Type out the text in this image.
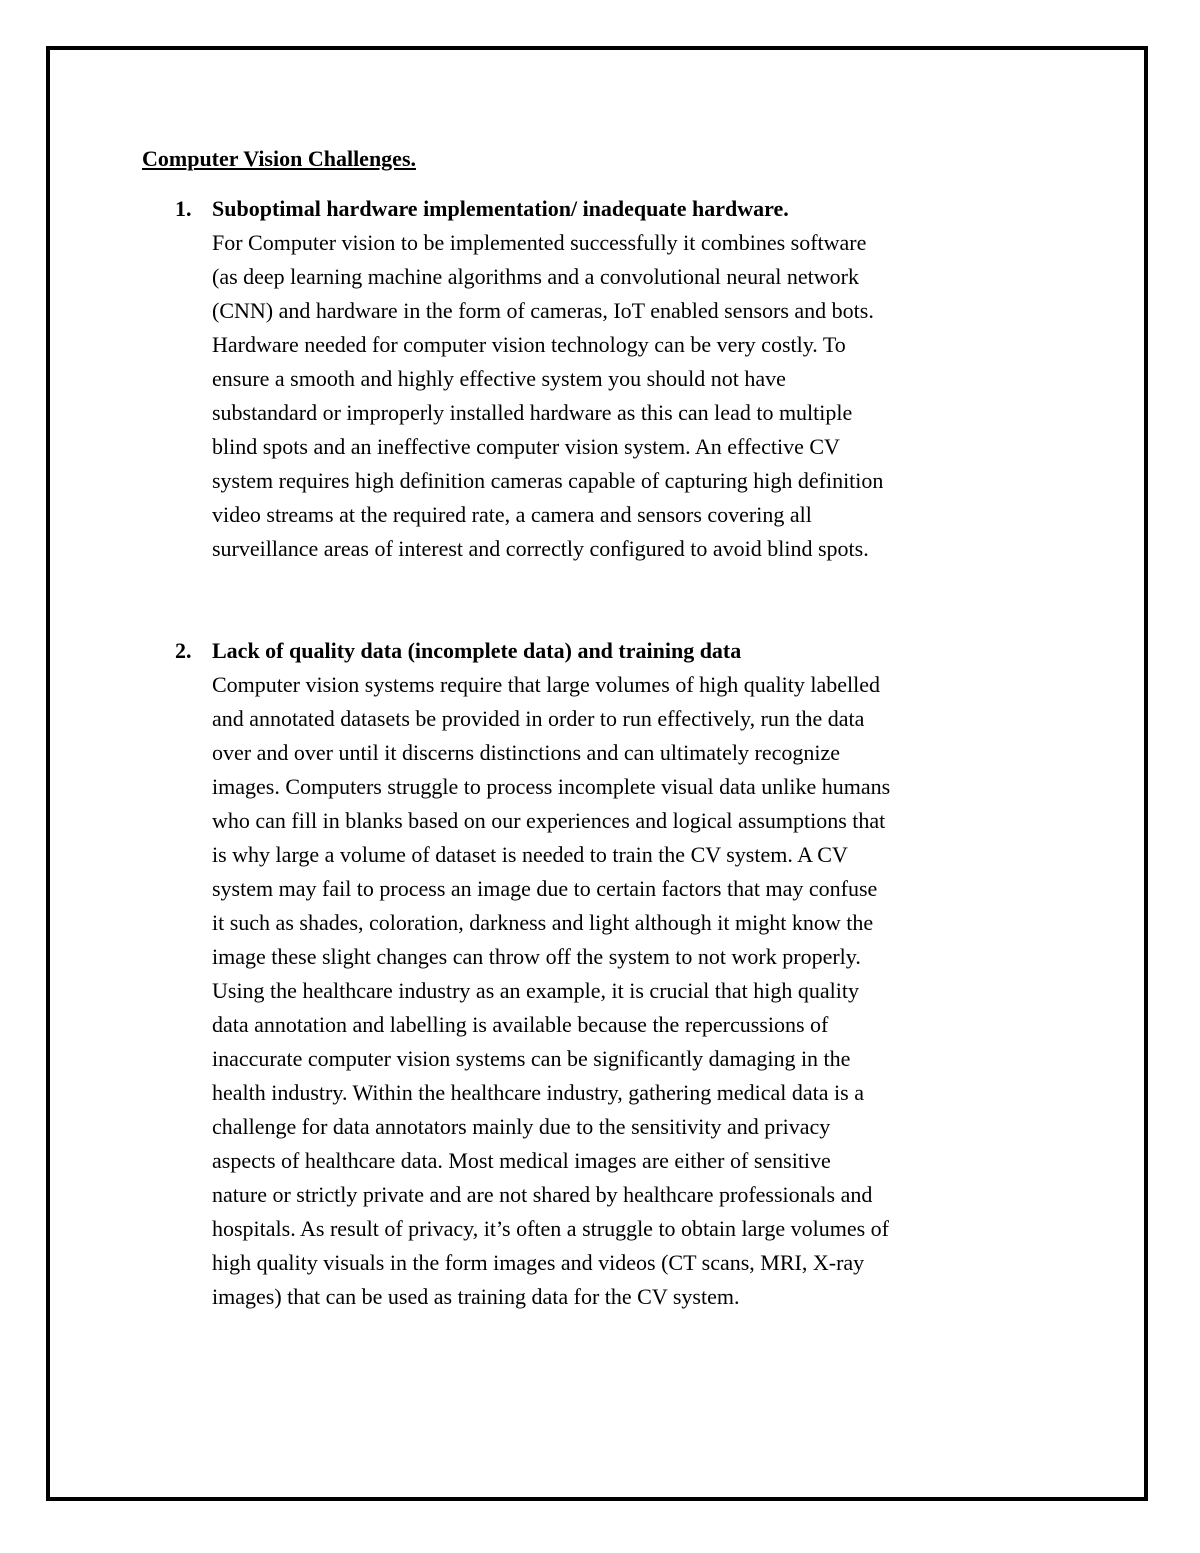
Computer Vision Challenges.
1. Suboptimal hardware implementation/ inadequate hardware.

For Computer vision to be implemented successfully it combines software
(as deep learning machine algorithms and a convolutional neural network
(CNN) and hardware in the form of cameras, IoT enabled sensors and bots.
Hardware needed for computer vision technology can be very costly. To
ensure a smooth and highly effective system you should not have
substandard or improperly installed hardware as this can lead to multiple
blind spots and an ineffective computer vision system. An effective CV
system requires high definition cameras capable of capturing high definition
video streams at the required rate, a camera and sensors covering all
surveillance areas of interest and correctly configured to avoid blind spots.

2. Lack of quality data (incomplete data) and training data

Computer vision systems require that large volumes of high quality labelled
and annotated datasets be provided in order to run effectively, run the data
over and over until it discerns distinctions and can ultimately recognize
images. Computers struggle to process incomplete visual data unlike humans
who can fill in blanks based on our experiences and logical assumptions that
is why large a volume of dataset is needed to train the CV system. A CV
system may fail to process an image due to certain factors that may confuse
it such as shades, coloration, darkness and light although it might know the
image these slight changes can throw off the system to not work properly.
Using the healthcare industry as an example, it is crucial that high quality
data annotation and labelling is available because the repercussions of
inaccurate computer vision systems can be significantly damaging in the
health industry. Within the healthcare industry, gathering medical data is a
challenge for data annotators mainly due to the sensitivity and privacy
aspects of healthcare data. Most medical images are either of sensitive
nature or strictly private and are not shared by healthcare professionals and
hospitals. As result of privacy, it’s often a struggle to obtain large volumes of
high quality visuals in the form images and videos (CT scans, MRI, X-ray
images) that can be used as training data for the CV system.
